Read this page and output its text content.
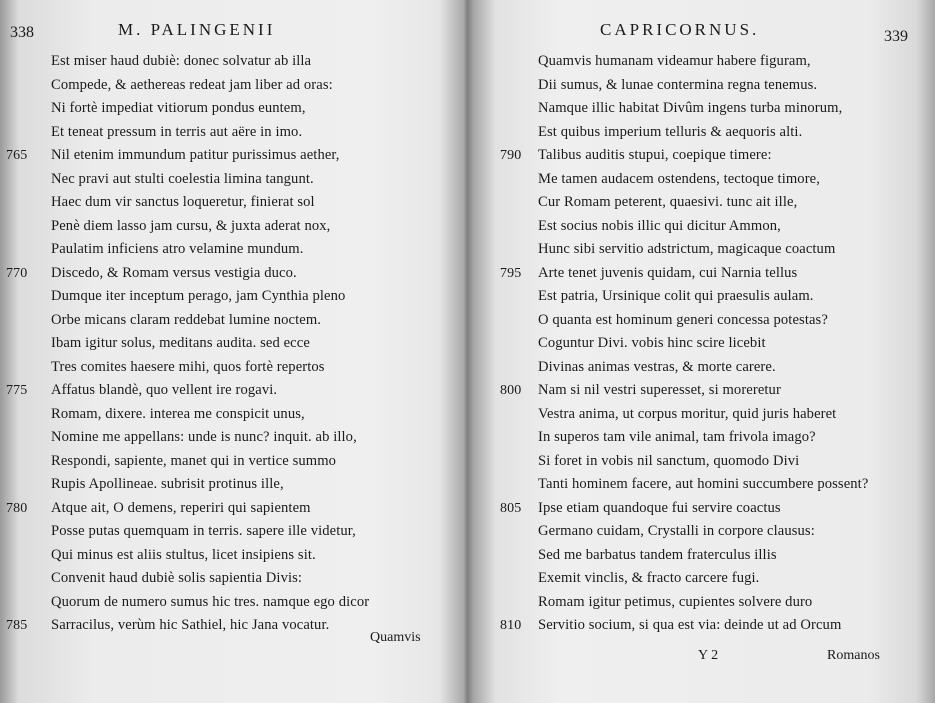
338	M. PALINGENII
Est miser haud dubiè: donec solvatur ab illa
Compede, & aethereas redeat jam liber ad oras:
Ni fortè impediat vitiorum pondus euntem,
Et teneat pressum in terris aut aëre in imo.
765	Nil etenim immundum patitur purissimus aether,
Nec pravi aut stulti coelestia limina tangunt.
Haec dum vir sanctus loqueretur, finierat sol
Penè diem lasso jam cursu, & juxta aderat nox,
Paulatim inficiens atro velamine mundum.
770	Discedo, & Romam versus vestigia duco.
Dumque iter inceptum perago, jam Cynthia pleno
Orbe micans claram reddebat lumine noctem.
Ibam igitur solus, meditans audita. sed ecce
Tres comites haesere mihi, quos fortè repertos
775	Affatus blandè, quo vellent ire rogavi.
Romam, dixere. interea me conspicit unus,
Nomine me appellans: unde is nunc? inquit. ab illo,
Respondi, sapiente, manet qui in vertice summo
Rupis Apollineae. subrisit protinus ille,
780	Atque ait, O demens, reperiri qui sapientem
Posse putas quemquam in terris. sapere ille videtur,
Qui minus est aliis stultus, licet insipiens sit.
Convenit haud dubiè solis sapientia Divis:
Quorum de numero sumus hic tres. namque ego dicor
785	Sarracilus, verùm hic Sathiel, hic Jana vocatur.
Quamvis
CAPRICORNUS.	339
Quamvis humanam videamur habere figuram,
Dii sumus, & lunae contermina regna tenemus.
Namque illic habitat Divûm ingens turba minorum,
Est quibus imperium telluris & aequoris alti.
790	Talibus auditis stupui, coepique timere:
Me tamen audacem ostendens, tectoque timore,
Cur Romam peterent, quaesivi. tunc ait ille,
Est socius nobis illic qui dicitur Ammon,
Hunc sibi servitio adstrictum, magicaque coactum
795	Arte tenet juvenis quidam, cui Narnia tellus
Est patria, Ursinique colit qui praesulis aulam.
O quanta est hominum generi concessa potestas?
Coguntur Divi. vobis hinc scire licebit
Divinas animas vestras, & morte carere.
800	Nam si nil vestri superesset, si moreretur
Vestra anima, ut corpus moritur, quid juris haberet
In superos tam vile animal, tam frivola imago?
Si foret in vobis nil sanctum, quomodo Divi
Tanti hominem facere, aut homini succumbere possent?
805	Ipse etiam quandoque fui servire coactus
Germano cuidam, Crystalli in corpore clausus:
Sed me barbatus tandem fraterculus illis
Exemit vinclis, & fracto carcere fugi.
Romam igitur petimus, cupientes solvere duro
810	Servitio socium, si qua est via: deinde ut ad Orcum
Y 2	Romanos
